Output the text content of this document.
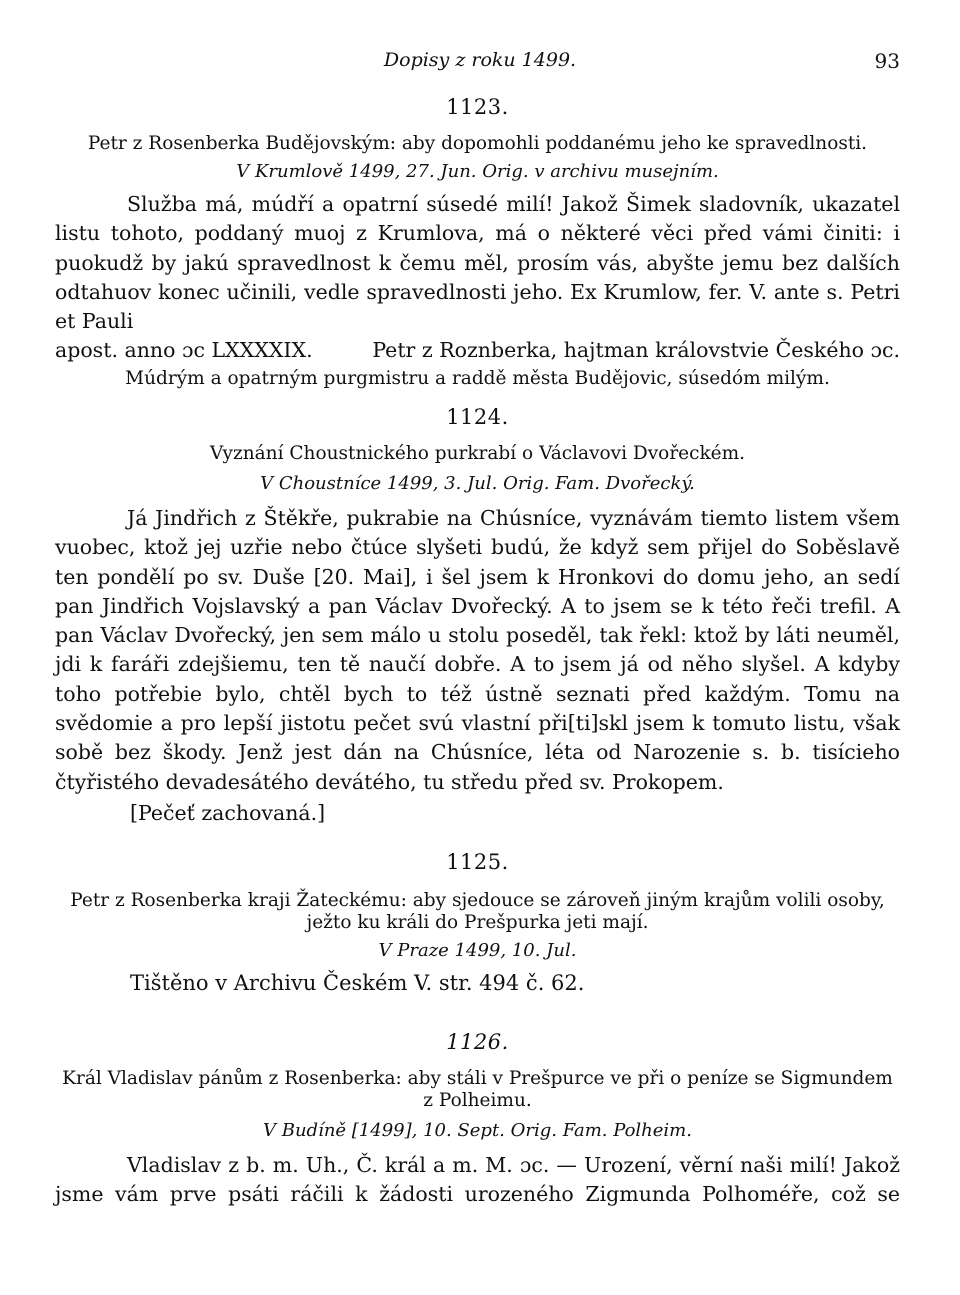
Dopisy z roku 1499.	93
1123.
Petr z Rosenberka Budějovským: aby dopomohli poddanému jeho ke spravedlnosti.
V Krumlově 1499, 27. Jun. Orig. v archivu musejním.

Služba má, múdří a opatrní súsedé milí! Jakož Šimek sladovník, ukazatel listu tohoto, poddaný muoj z Krumlova, má o některé věci před vámi činiti: i puokudž by jakú spravedlnost k čemu měl, prosím vás, abyšte jemu bez dalších odtahuov konec učinili, vedle spravedlnosti jeho. Ex Krumlow, fer. V. ante s. Petri et Pauli

apost. anno ɔc LXXXXIX.	Petr z Roznberka, hajtman královstvie Českého ɔc.
Múdrým a opatrným purgmistru a raddě města Budějovic, súsedóm milým.
1124.
Vyznání Choustnického purkrabí o Václavovi Dvořeckém.
V Choustníce 1499, 3. Jul. Orig. Fam. Dvořecký.

Já Jindřich z Štěkře, pukrabie na Chúsníce, vyznávám tiemto listem všem vuobec, ktož jej uzřie nebo čtúce slyšeti budú, že když sem přijel do Soběslavě ten pondělí po sv. Duše [20. Mai], i šel jsem k Hronkovi do domu jeho, an sedí pan Jindřich Vojslavský a pan Václav Dvořecký. A to jsem se k této řeči trefil. A pan Václav Dvořecký, jen sem málo u stolu poseděl, tak řekl: ktož by láti neuměl, jdi k faráři zdejšiemu, ten tě naučí dobře. A to jsem já od něho slyšel. A kdyby toho potřebie bylo, chtěl bych to též ústně seznati před každým. Tomu na svědomie a pro lepší jistotu pečet svú vlastní při[ti]skl jsem k tomuto listu, však sobě bez škody. Jenž jest dán na Chúsníce, léta od Narozenie s. b. tisícieho čtyřistého devadesátého devátého, tu středu před sv. Prokopem.

[Pečeť zachovaná.]
1125.
Petr z Rosenberka kraji Žateckému: aby sjedouce se zároveň jiným krajům volili osoby, ježto ku králi do Prešpurka jeti mají.
V Praze 1499, 10. Jul.
Tištěno v Archivu Českém V. str. 494 č. 62.
1126.
Král Vladislav pánům z Rosenberka: aby stáli v Prešpurce ve při o peníze se Sigmundem z Polheimu.
V Budíně [1499], 10. Sept. Orig. Fam. Polheim.

Vladislav z b. m. Uh., Č. král a m. M. ɔc. — Urození, věrní naši milí! Jakož jsme vám prve psáti ráčili k žádosti urozeného Zigmunda Polhoméře, což se
